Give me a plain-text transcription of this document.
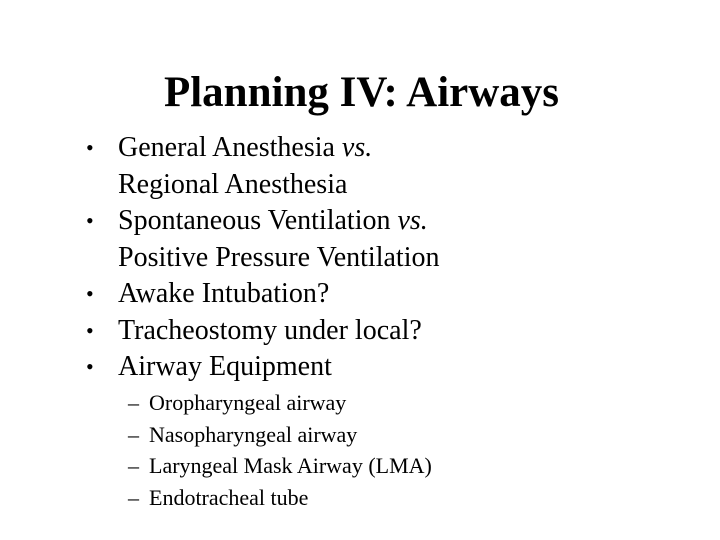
Planning IV: Airways
• General Anesthesia vs.
Regional Anesthesia
• Spontaneous Ventilation vs.
Positive Pressure Ventilation
• Awake Intubation?
• Tracheostomy under local?
• Airway Equipment
– Oropharyngeal airway
– Nasopharyngeal airway
– Laryngeal Mask Airway (LMA)
– Endotracheal tube
